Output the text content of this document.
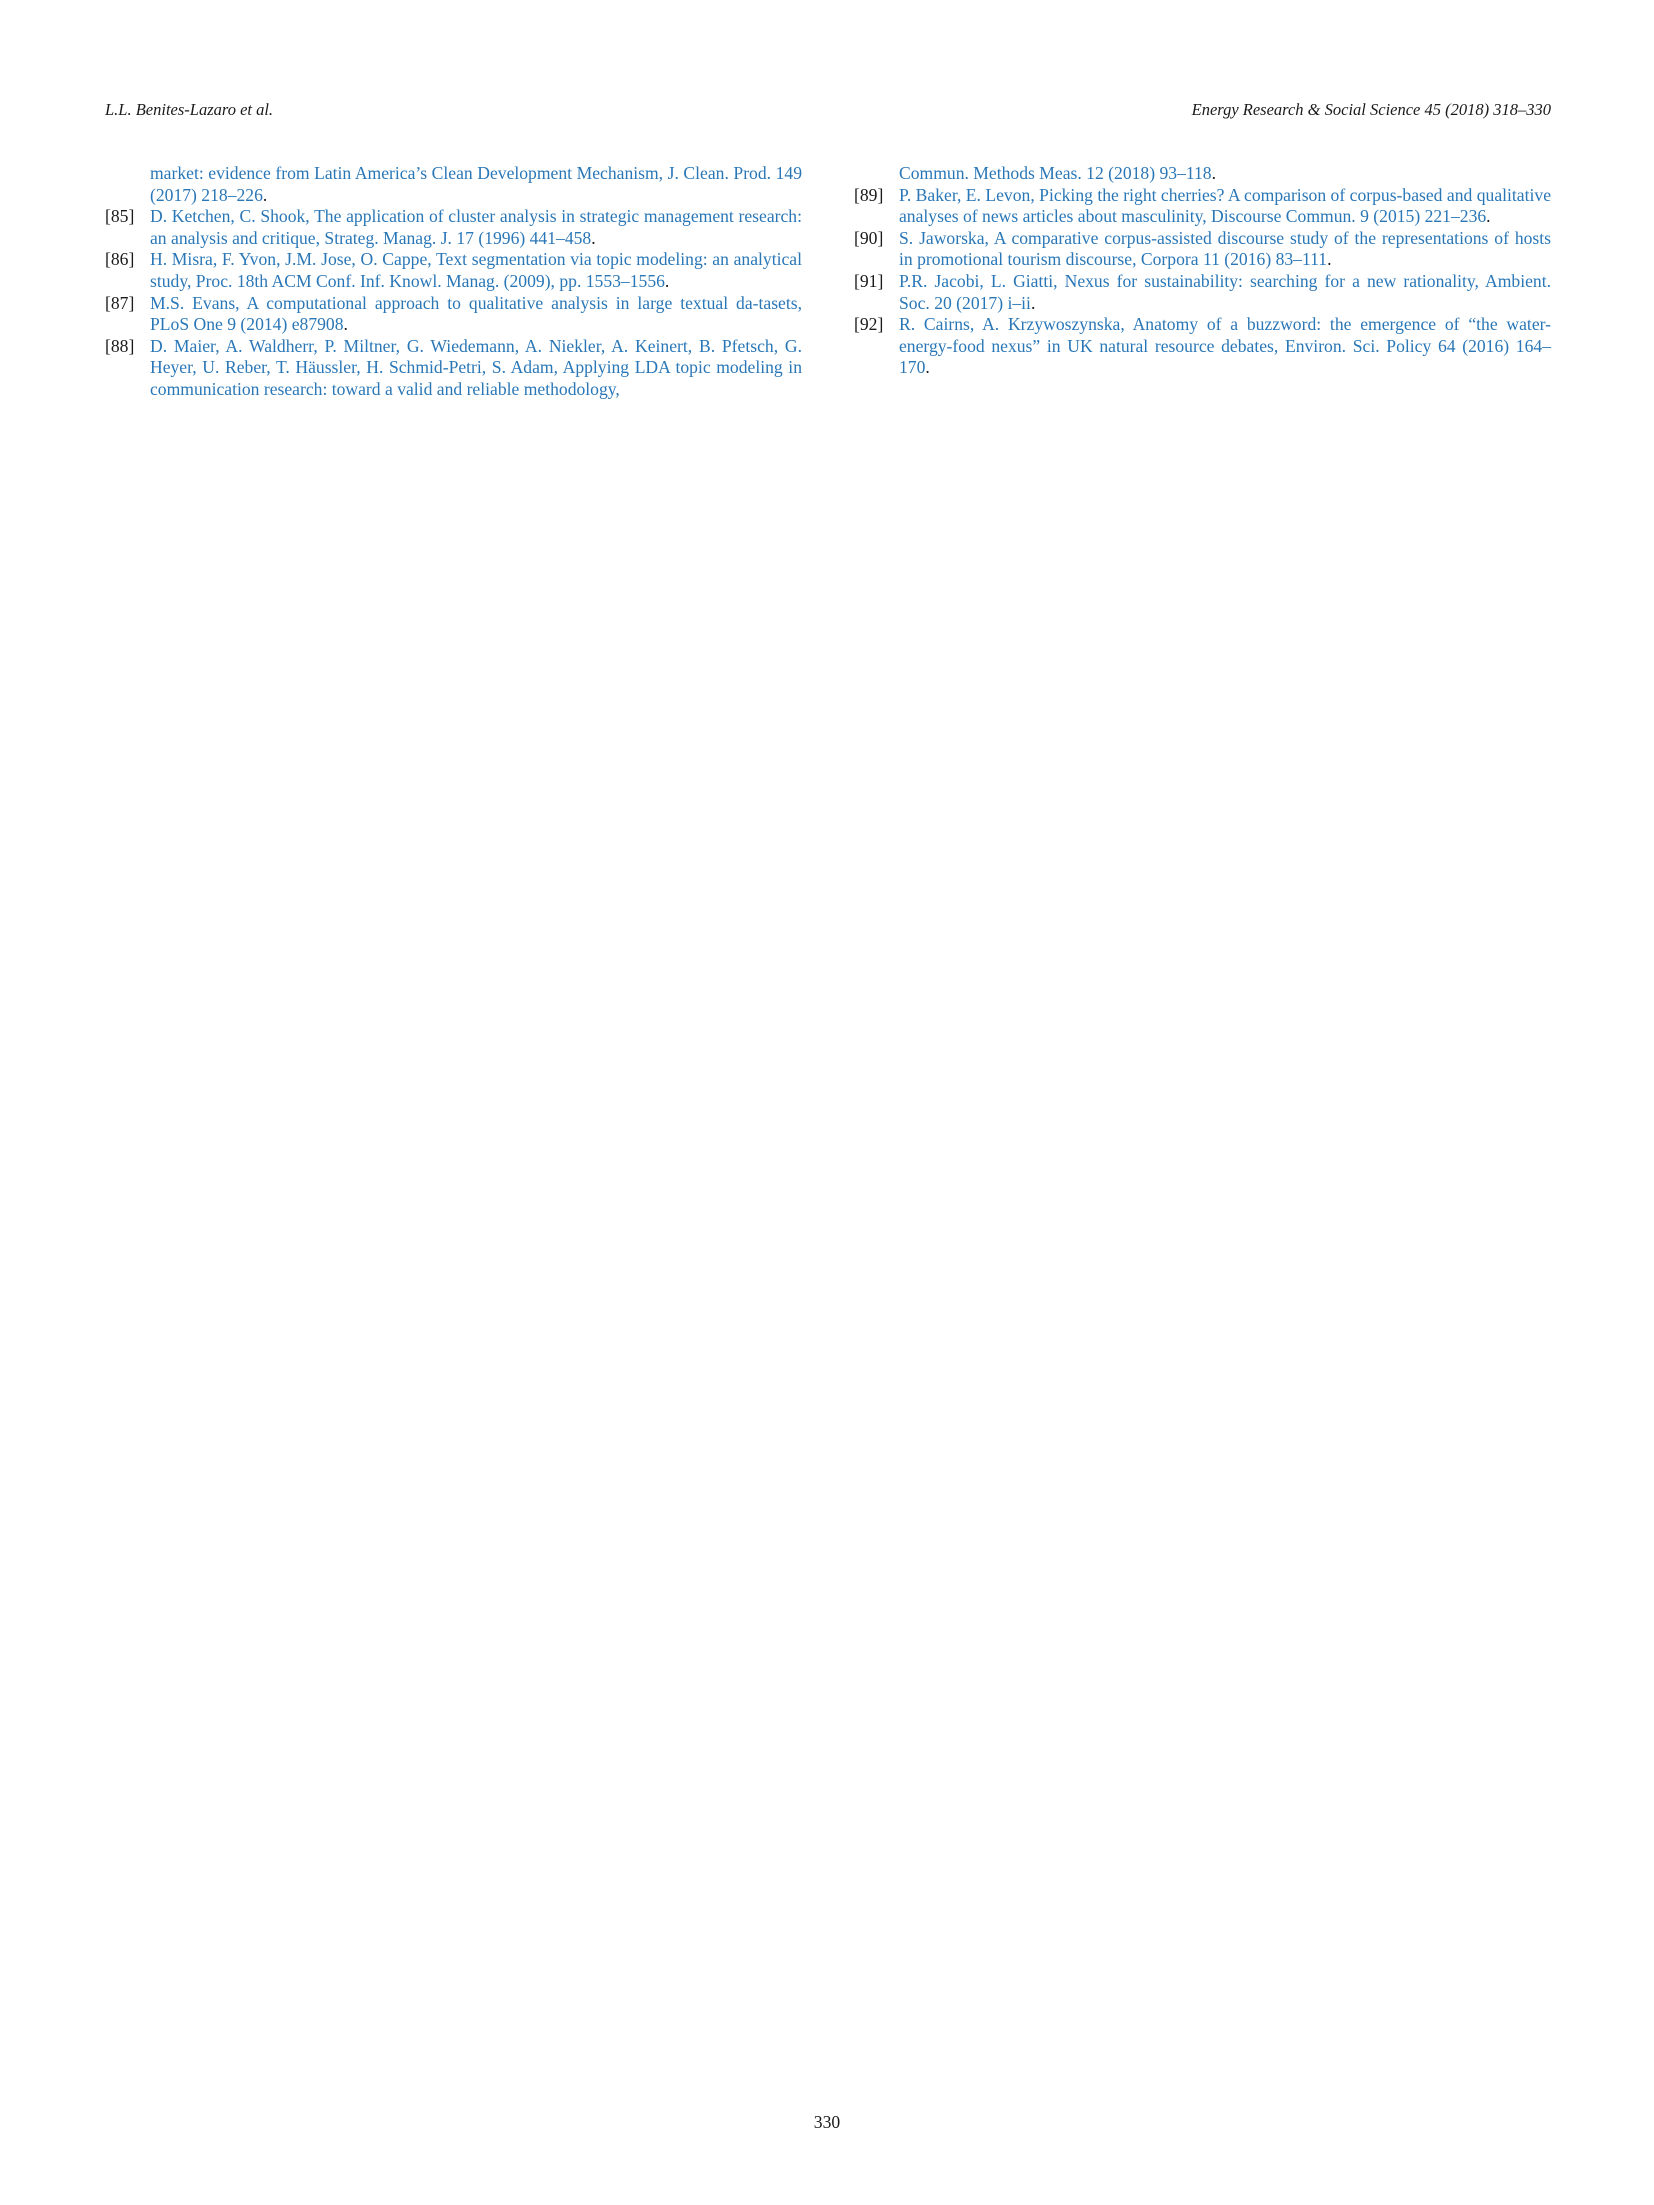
L.L. Benites-Lazaro et al.	Energy Research & Social Science 45 (2018) 318–330

market: evidence from Latin America’s Clean Development Mechanism, J. Clean. Prod. 149 (2017) 218–226.

[85] D. Ketchen, C. Shook, The application of cluster analysis in strategic management research: an analysis and critique, Strateg. Manag. J. 17 (1996) 441–458.

[86] H. Misra, F. Yvon, J.M. Jose, O. Cappe, Text segmentation via topic modeling: an analytical study, Proc. 18th ACM Conf. Inf. Knowl. Manag. (2009), pp. 1553–1556.

[87] M.S. Evans, A computational approach to qualitative analysis in large textual da-tasets, PLoS One 9 (2014) e87908.

[88] D. Maier, A. Waldherr, P. Miltner, G. Wiedemann, A. Niekler, A. Keinert, B. Pfetsch, G. Heyer, U. Reber, T. Häussler, H. Schmid-Petri, S. Adam, Applying LDA topic modeling in communication research: toward a valid and reliable methodology,

Commun. Methods Meas. 12 (2018) 93–118.

[89] P. Baker, E. Levon, Picking the right cherries? A comparison of corpus-based and qualitative analyses of news articles about masculinity, Discourse Commun. 9 (2015) 221–236.

[90] S. Jaworska, A comparative corpus-assisted discourse study of the representations of hosts in promotional tourism discourse, Corpora 11 (2016) 83–111.

[91] P.R. Jacobi, L. Giatti, Nexus for sustainability: searching for a new rationality, Ambient. Soc. 20 (2017) i–ii.

[92] R. Cairns, A. Krzywoszynska, Anatomy of a buzzword: the emergence of “the water-energy-food nexus” in UK natural resource debates, Environ. Sci. Policy 64 (2016) 164–170.

330
